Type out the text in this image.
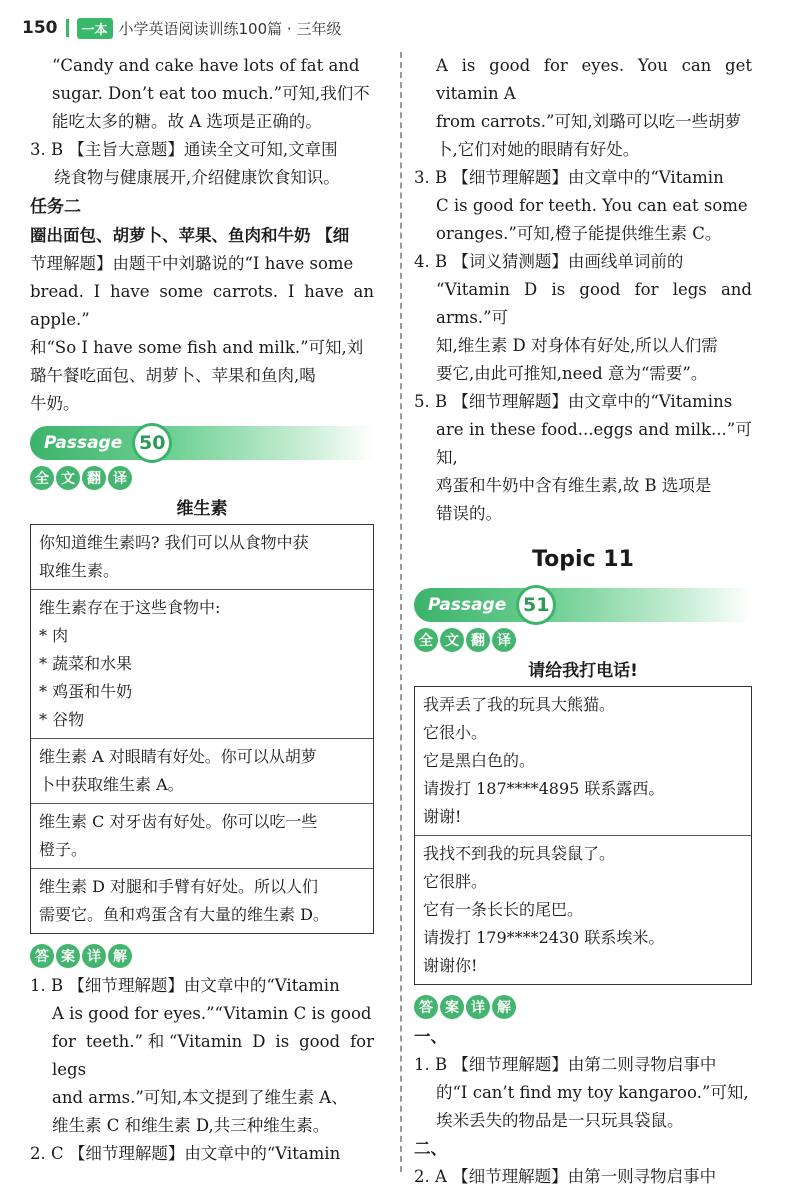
150	一本 小学英语阅读训练100篇 · 三年级

“Candy and cake have lots of fat and

sugar. Don’t eat too much.”可知,我们不

能吃太多的糖。故 A 选项是正确的。

3. B 【主旨大意题】通读全文可知,文章围

绕食物与健康展开,介绍健康饮食知识。

任务二

圈出面包、胡萝卜、苹果、鱼肉和牛奶 【细

节理解题】由题干中刘璐说的“I have some

bread. I have some carrots. I have an apple.”

和“So I have some fish and milk.”可知,刘

璐午餐吃面包、胡萝卜、苹果和鱼肉,喝

牛奶。

Passage 50
全 文 翻 译
维生素

你知道维生素吗? 我们可以从食物中获

取维生素。

维生素存在于这些食物中:

* 肉

* 蔬菜和水果

* 鸡蛋和牛奶

* 谷物

维生素 A 对眼睛有好处。你可以从胡萝

卜中获取维生素 A。

维生素 C 对牙齿有好处。你可以吃一些

橙子。

维生素 D 对腿和手臂有好处。所以人们

需要它。鱼和鸡蛋含有大量的维生素 D。

答 案 详 解

1. B 【细节理解题】由文章中的“Vitamin

A is good for eyes.”“Vitamin C is good

for teeth.”和“Vitamin D is good for legs

and arms.”可知,本文提到了维生素 A、

维生素 C 和维生素 D,共三种维生素。

2. C 【细节理解题】由文章中的“Vitamin

A is good for eyes. You can get vitamin A

from carrots.”可知,刘璐可以吃一些胡萝

卜,它们对她的眼睛有好处。

3. B 【细节理解题】由文章中的“Vitamin

C is good for teeth. You can eat some

oranges.”可知,橙子能提供维生素 C。

4. B 【词义猜测题】由画线单词前的

“Vitamin D is good for legs and arms.”可

知,维生素 D 对身体有好处,所以人们需

要它,由此可推知,need 意为“需要”。

5. B 【细节理解题】由文章中的“Vitamins

are in these food...eggs and milk...”可知,

鸡蛋和牛奶中含有维生素,故 B 选项是

错误的。

Topic 11
Passage 51
全 文 翻 译
请给我打电话!

我弄丢了我的玩具大熊猫。

它很小。

它是黑白色的。

请拨打 187****4895 联系露西。

谢谢!

我找不到我的玩具袋鼠了。

它很胖。

它有一条长长的尾巴。

请拨打 179****2430 联系埃米。

谢谢你!

答 案 详 解
一、

1. B 【细节理解题】由第二则寻物启事中

的“I can’t find my toy kangaroo.”可知,

埃米丢失的物品是一只玩具袋鼠。

二、

2. A 【细节理解题】由第一则寻物启事中
